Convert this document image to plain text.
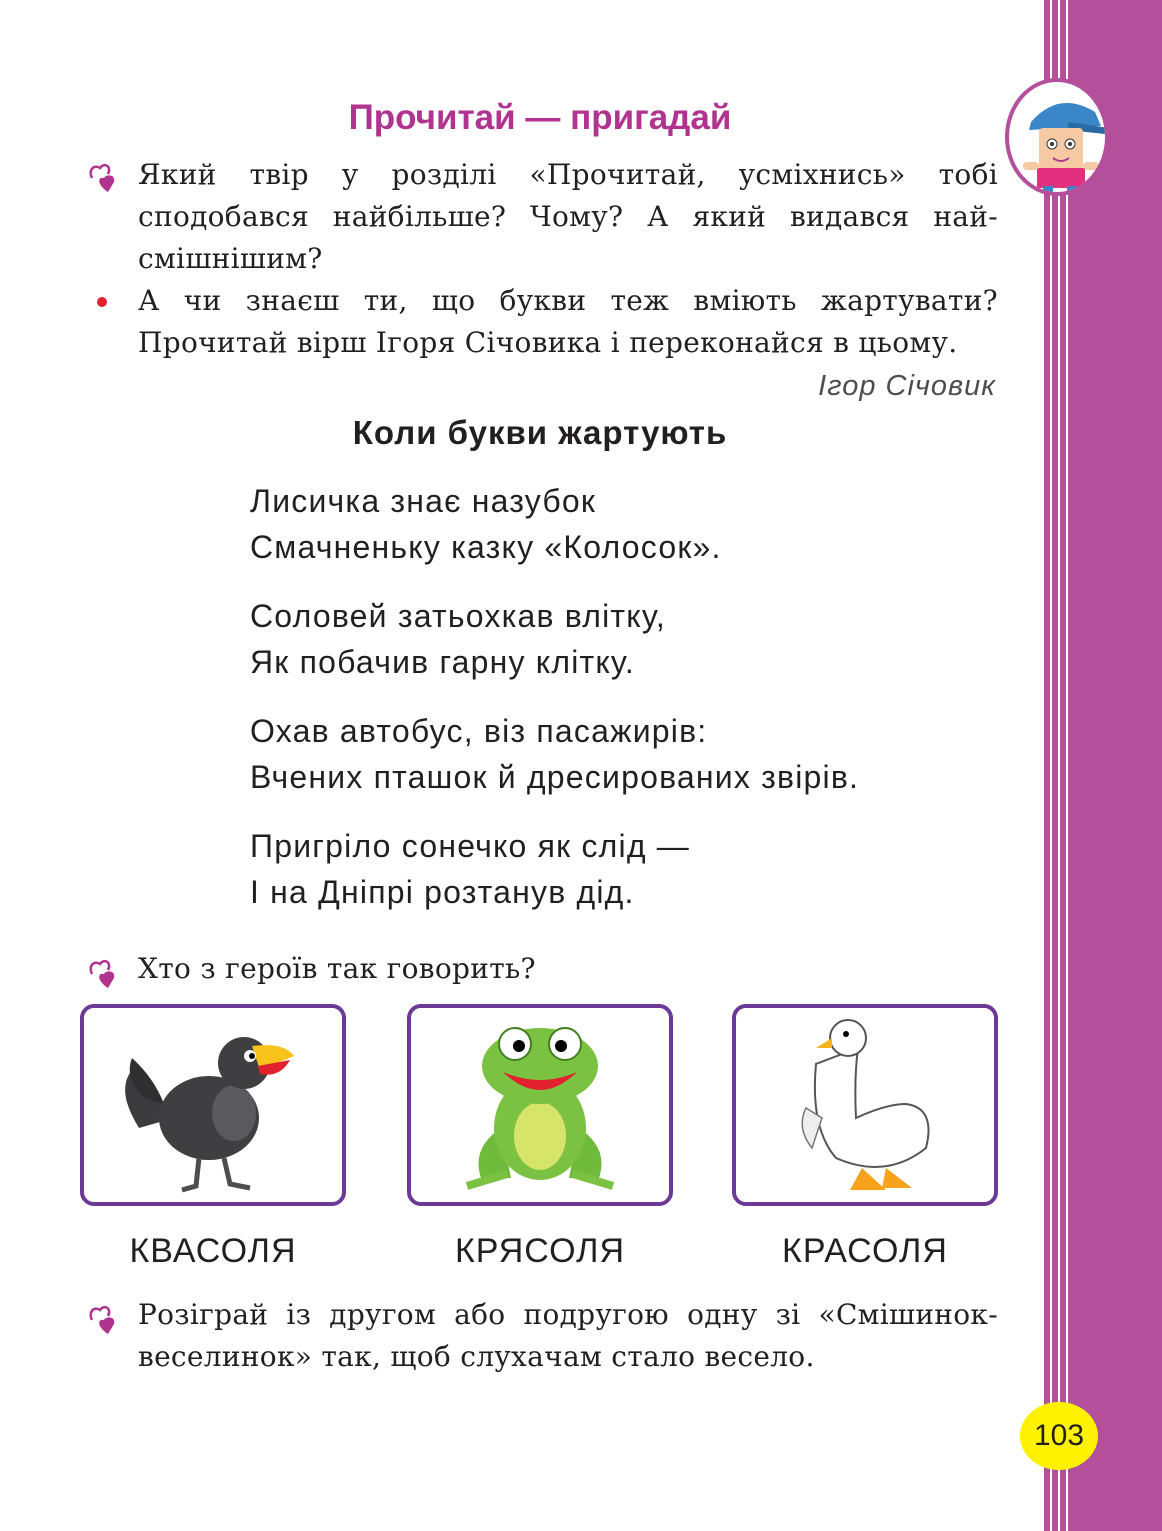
Прочитай — пригадай
Який твір у розділі «Прочитай, усміхнись» тобі сподобався найбільше? Чому? А який видався най-смішнішим?
А чи знаєш ти, що букви теж вміють жартувати? Прочитай вірш Ігоря Січовика і переконайся в цьому.
Ігор Січовик
Коли букви жартують
Лисичка знає назубок
Смачненьку казку «Колосок».
Соловей затьохкав влітку,
Як побачив гарну клітку.
Охав автобус, віз пасажирів:
Вчених пташок й дресированих звірів.
Пригріло сонечко як слід —
І на Дніпрі розтанув дід.
Хто з героїв так говорить?
КВАСОЛЯ	КРЯСОЛЯ	КРАСОЛЯ
Розіграй із другом або подругою одну зі «Смішинок-веселинок» так, щоб слухачам стало весело.
103
